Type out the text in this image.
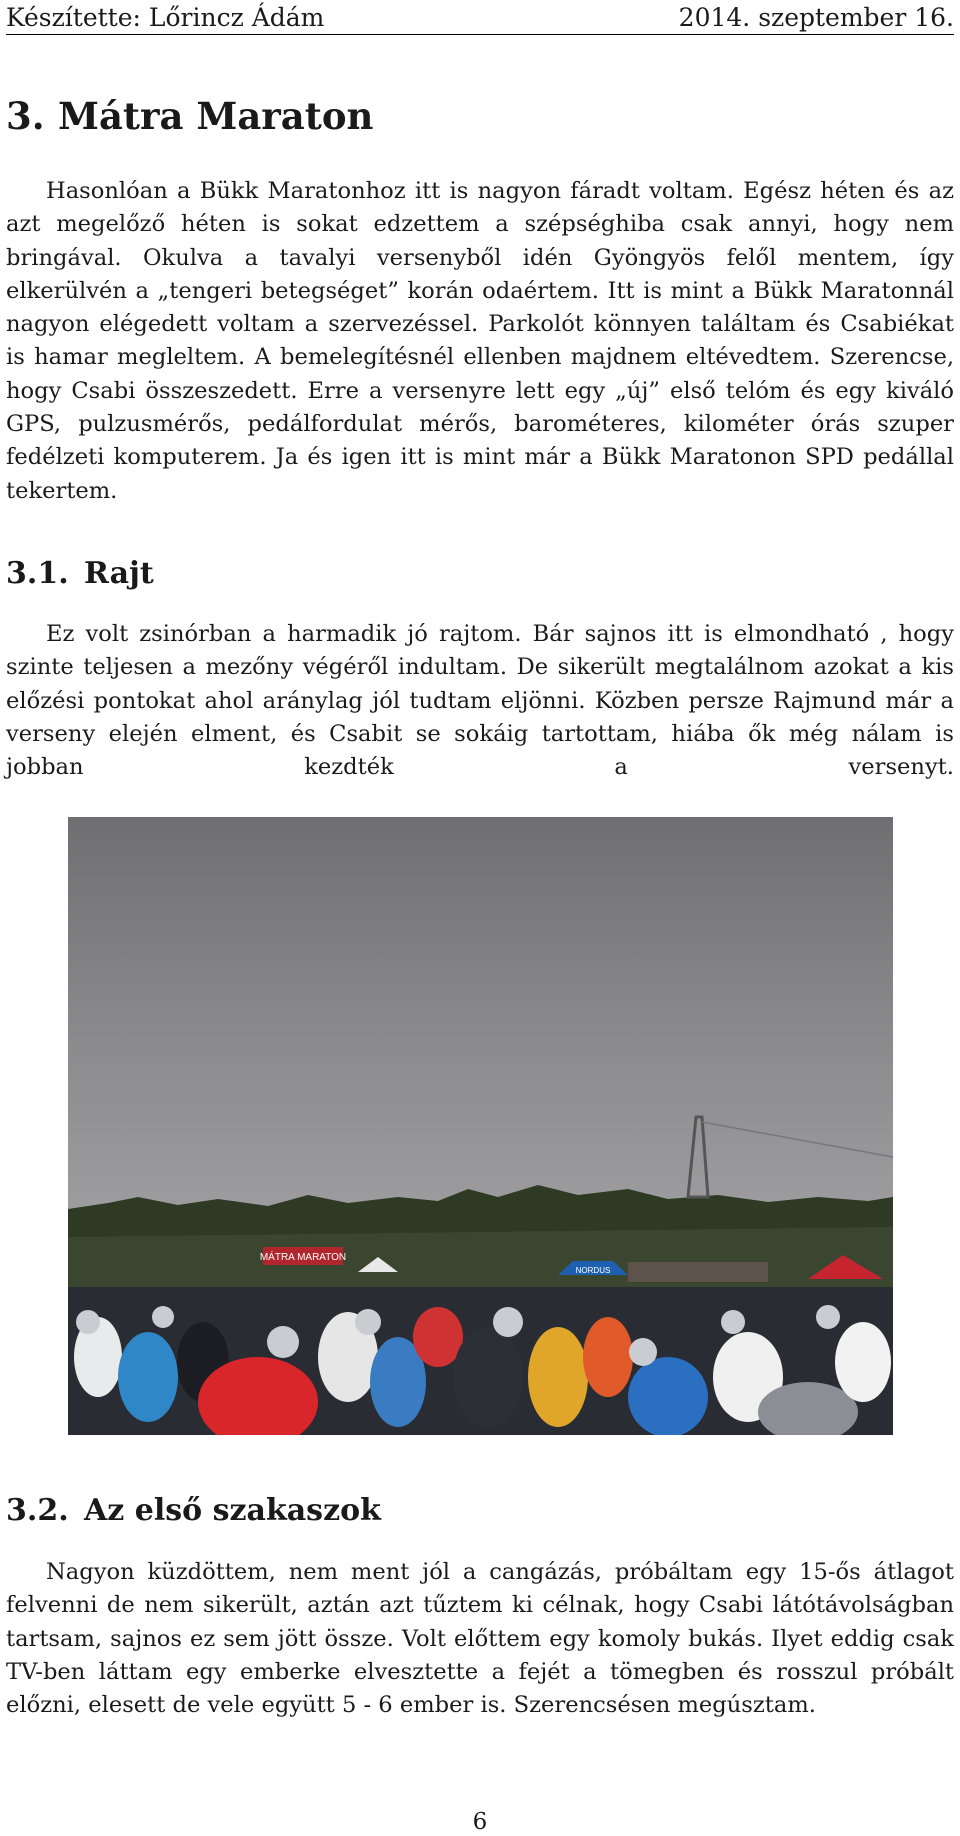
Készítette: Lőrincz Ádám	2014. szeptember 16.
3. Mátra Maraton

Hasonlóan a Bükk Maratonhoz itt is nagyon fáradt voltam. Egész héten és az azt megelőző héten is sokat edzettem a szépséghiba csak annyi, hogy nem bringával. Okulva a tavalyi versenyből idén Gyöngyös felől mentem, így elkerülvén a „tengeri betegséget” korán odaértem. Itt is mint a Bükk Maratonnál nagyon elégedett voltam a szervezéssel. Parkolót könnyen találtam és Csabiékat is hamar megleltem. A bemelegítésnél ellenben majdnem eltévedtem. Szerencse, hogy Csabi összeszedett. Erre a versenyre lett egy „új” első telóm és egy kiváló GPS, pulzusmérős, pedálfordulat mérős, barométeres, kilométer órás szuper fedélzeti komputerem. Ja és igen itt is mint már a Bükk Maratonon SPD pedállal tekertem.

3.1. Rajt

Ez volt zsinórban a harmadik jó rajtom. Bár sajnos itt is elmondható , hogy szinte teljesen a mezőny végéről indultam. De sikerült megtalálnom azokat a kis előzési pontokat ahol aránylag jól tudtam eljönni. Közben persze Rajmund már a verseny elején elment, és Csabit se sokáig tartottam, hiába ők még nálam is jobban kezdték a versenyt.

MÁTRA MARATON
NORDUS
3.2. Az első szakaszok

Nagyon küzdöttem, nem ment jól a cangázás, próbáltam egy 15-ős átlagot felvenni de nem sikerült, aztán azt tűztem ki célnak, hogy Csabi látótávolságban tartsam, sajnos ez sem jött össze. Volt előttem egy komoly bukás. Ilyet eddig csak TV-ben láttam egy emberke elvesztette a fejét a tömegben és rosszul próbált előzni, elesett de vele együtt 5 - 6 ember is. Szerencsésen megúsztam.

6
